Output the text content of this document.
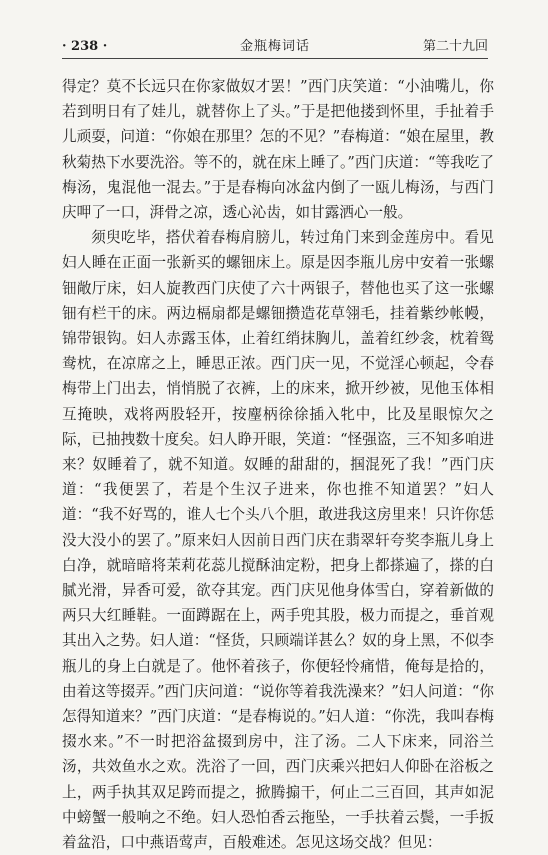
· 238 ·	金瓶梅词话	第二十九回

得定？莫不长远只在你家做奴才罢！”西门庆笑道：“小油嘴儿，你若到明日有了娃儿，就替你上了头。”于是把他搂到怀里，手扯着手儿顽耍，问道：“你娘在那里？怎的不见？”春梅道：“娘在屋里，教秋菊热下水要洗浴。等不的，就在床上睡了。”西门庆道：“等我吃了梅汤，鬼混他一混去。”于是春梅向冰盆内倒了一瓯儿梅汤，与西门庆呷了一口，湃骨之凉，透心沁齿，如甘露洒心一般。

须臾吃毕，搭伏着春梅肩膀儿，转过角门来到金莲房中。看见妇人睡在正面一张新买的螺钿床上。原是因李瓶儿房中安着一张螺钿敞厅床，妇人旋教西门庆使了六十两银子，替他也买了这一张螺钿有栏干的床。两边槅扇都是螺钿攒造花草翎毛，挂着紫纱帐幔，锦带银钩。妇人赤露玉体，止着红绡抹胸儿，盖着红纱衾，枕着鸳鸯枕，在凉席之上，睡思正浓。西门庆一见，不觉淫心顿起，令春梅带上门出去，悄悄脱了衣裤，上的床来，掀开纱被，见他玉体相互掩映，戏将两股轻开，按麈柄徐徐插入牝中，比及星眼惊欠之际，已抽拽数十度矣。妇人睁开眼，笑道：“怪强盗，三不知多咱进来？奴睡着了，就不知道。奴睡的甜甜的，掴混死了我！”西门庆道：“我便罢了，若是个生汉子进来，你也推不知道罢？”妇人道：“我不好骂的，谁人七个头八个胆，敢进我这房里来！只许你恁没大没小的罢了。”原来妇人因前日西门庆在翡翠轩夸奖李瓶儿身上白净，就暗暗将茉莉花蕊儿搅酥油定粉，把身上都搽遍了，搽的白腻光滑，异香可爱，欲夺其宠。西门庆见他身体雪白，穿着新做的两只大红睡鞋。一面蹲踞在上，两手兜其股，极力而提之，垂首观其出入之势。妇人道：“怪货，只顾端详甚么？奴的身上黑，不似李瓶儿的身上白就是了。他怀着孩子，你便轻怜痛惜，俺每是拾的，由着这等掇弄。”西门庆问道：“说你等着我洗澡来？”妇人问道：“你怎得知道来？”西门庆道：“是春梅说的。”妇人道：“你洗，我叫春梅掇水来。”不一时把浴盆掇到房中，注了汤。二人下床来，同浴兰汤，共效鱼水之欢。洗浴了一回，西门庆乘兴把妇人仰卧在浴板之上，两手执其双足跨而提之，掀腾搧干，何止二三百回，其声如泥中螃蟹一般响之不绝。妇人恐怕香云拖坠，一手扶着云鬓，一手扳着盆沿，口中燕语莺声，百般难述。怎见这场交战？但见：
